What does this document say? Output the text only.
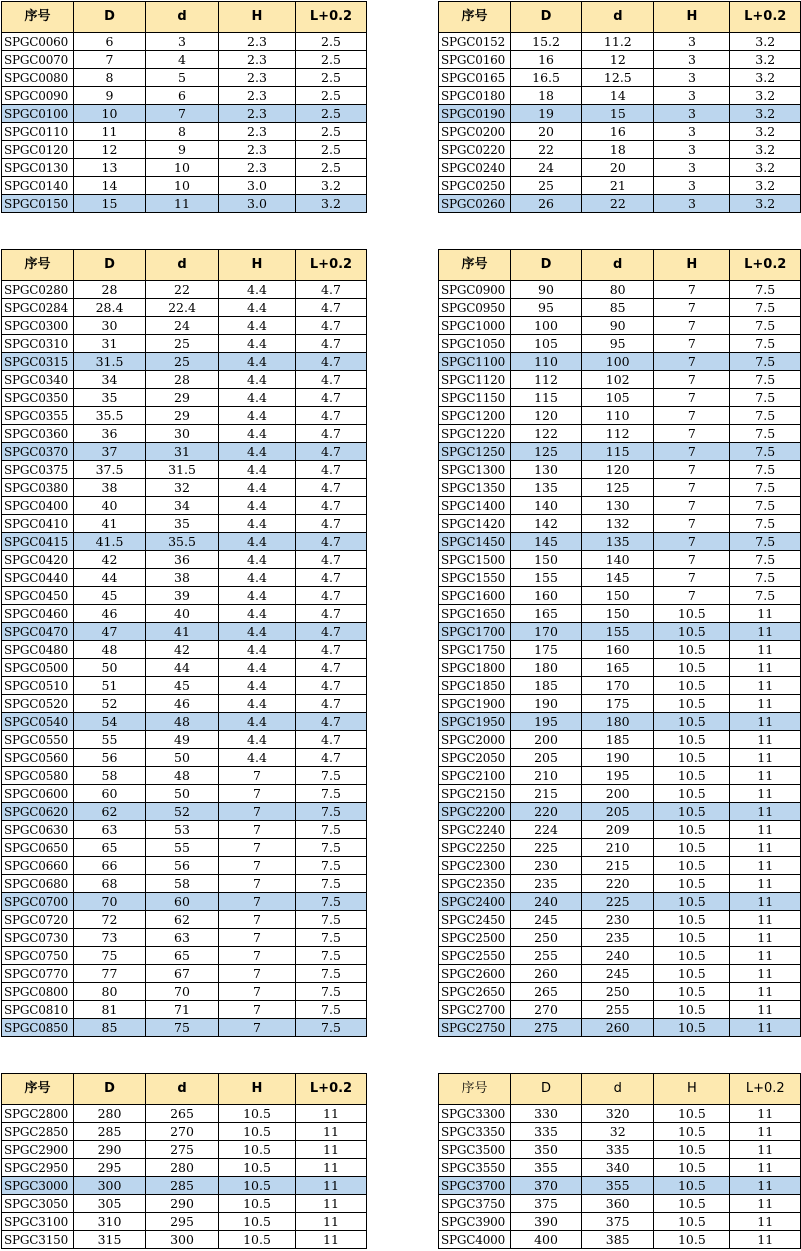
序号	D	d	H	L+0.2
SPGC0060	6	3	2.3	2.5
SPGC0070	7	4	2.3	2.5
SPGC0080	8	5	2.3	2.5
SPGC0090	9	6	2.3	2.5
SPGC0100	10	7	2.3	2.5
SPGC0110	11	8	2.3	2.5
SPGC0120	12	9	2.3	2.5
SPGC0130	13	10	2.3	2.5
SPGC0140	14	10	3.0	3.2
SPGC0150	15	11	3.0	3.2
序号	D	d	H	L+0.2
SPGC0152	15.2	11.2	3	3.2
SPGC0160	16	12	3	3.2
SPGC0165	16.5	12.5	3	3.2
SPGC0180	18	14	3	3.2
SPGC0190	19	15	3	3.2
SPGC0200	20	16	3	3.2
SPGC0220	22	18	3	3.2
SPGC0240	24	20	3	3.2
SPGC0250	25	21	3	3.2
SPGC0260	26	22	3	3.2
序号	D	d	H	L+0.2
SPGC0280	28	22	4.4	4.7
SPGC0284	28.4	22.4	4.4	4.7
SPGC0300	30	24	4.4	4.7
SPGC0310	31	25	4.4	4.7
SPGC0315	31.5	25	4.4	4.7
SPGC0340	34	28	4.4	4.7
SPGC0350	35	29	4.4	4.7
SPGC0355	35.5	29	4.4	4.7
SPGC0360	36	30	4.4	4.7
SPGC0370	37	31	4.4	4.7
SPGC0375	37.5	31.5	4.4	4.7
SPGC0380	38	32	4.4	4.7
SPGC0400	40	34	4.4	4.7
SPGC0410	41	35	4.4	4.7
SPGC0415	41.5	35.5	4.4	4.7
SPGC0420	42	36	4.4	4.7
SPGC0440	44	38	4.4	4.7
SPGC0450	45	39	4.4	4.7
SPGC0460	46	40	4.4	4.7
SPGC0470	47	41	4.4	4.7
SPGC0480	48	42	4.4	4.7
SPGC0500	50	44	4.4	4.7
SPGC0510	51	45	4.4	4.7
SPGC0520	52	46	4.4	4.7
SPGC0540	54	48	4.4	4.7
SPGC0550	55	49	4.4	4.7
SPGC0560	56	50	4.4	4.7
SPGC0580	58	48	7	7.5
SPGC0600	60	50	7	7.5
SPGC0620	62	52	7	7.5
SPGC0630	63	53	7	7.5
SPGC0650	65	55	7	7.5
SPGC0660	66	56	7	7.5
SPGC0680	68	58	7	7.5
SPGC0700	70	60	7	7.5
SPGC0720	72	62	7	7.5
SPGC0730	73	63	7	7.5
SPGC0750	75	65	7	7.5
SPGC0770	77	67	7	7.5
SPGC0800	80	70	7	7.5
SPGC0810	81	71	7	7.5
SPGC0850	85	75	7	7.5
序号	D	d	H	L+0.2
SPGC0900	90	80	7	7.5
SPGC0950	95	85	7	7.5
SPGC1000	100	90	7	7.5
SPGC1050	105	95	7	7.5
SPGC1100	110	100	7	7.5
SPGC1120	112	102	7	7.5
SPGC1150	115	105	7	7.5
SPGC1200	120	110	7	7.5
SPGC1220	122	112	7	7.5
SPGC1250	125	115	7	7.5
SPGC1300	130	120	7	7.5
SPGC1350	135	125	7	7.5
SPGC1400	140	130	7	7.5
SPGC1420	142	132	7	7.5
SPGC1450	145	135	7	7.5
SPGC1500	150	140	7	7.5
SPGC1550	155	145	7	7.5
SPGC1600	160	150	7	7.5
SPGC1650	165	150	10.5	11
SPGC1700	170	155	10.5	11
SPGC1750	175	160	10.5	11
SPGC1800	180	165	10.5	11
SPGC1850	185	170	10.5	11
SPGC1900	190	175	10.5	11
SPGC1950	195	180	10.5	11
SPGC2000	200	185	10.5	11
SPGC2050	205	190	10.5	11
SPGC2100	210	195	10.5	11
SPGC2150	215	200	10.5	11
SPGC2200	220	205	10.5	11
SPGC2240	224	209	10.5	11
SPGC2250	225	210	10.5	11
SPGC2300	230	215	10.5	11
SPGC2350	235	220	10.5	11
SPGC2400	240	225	10.5	11
SPGC2450	245	230	10.5	11
SPGC2500	250	235	10.5	11
SPGC2550	255	240	10.5	11
SPGC2600	260	245	10.5	11
SPGC2650	265	250	10.5	11
SPGC2700	270	255	10.5	11
SPGC2750	275	260	10.5	11
序号	D	d	H	L+0.2
SPGC2800	280	265	10.5	11
SPGC2850	285	270	10.5	11
SPGC2900	290	275	10.5	11
SPGC2950	295	280	10.5	11
SPGC3000	300	285	10.5	11
SPGC3050	305	290	10.5	11
SPGC3100	310	295	10.5	11
SPGC3150	315	300	10.5	11
序号	D	d	H	L+0.2
SPGC3300	330	320	10.5	11
SPGC3350	335	32	10.5	11
SPGC3500	350	335	10.5	11
SPGC3550	355	340	10.5	11
SPGC3700	370	355	10.5	11
SPGC3750	375	360	10.5	11
SPGC3900	390	375	10.5	11
SPGC4000	400	385	10.5	11
